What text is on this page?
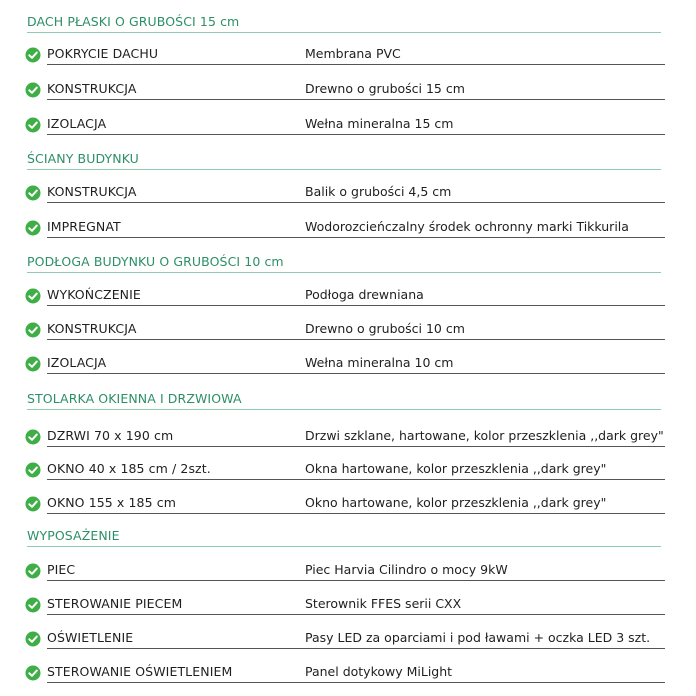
DACH PŁASKI O GRUBOŚCI 15 cm
POKRYCIE DACHU	Membrana PVC
KONSTRUKCJA	Drewno o grubości 15 cm
IZOLACJA	Wełna mineralna 15 cm
ŚCIANY BUDYNKU
KONSTRUKCJA	Balik o grubości 4,5 cm
IMPREGNAT	Wodorozcieńczalny środek ochronny marki Tikkurila
PODŁOGA BUDYNKU O GRUBOŚCI 10 cm
WYKOŃCZENIE	Podłoga drewniana
KONSTRUKCJA	Drewno o grubości 10 cm
IZOLACJA	Wełna mineralna 10 cm
STOLARKA OKIENNA I DRZWIOWA
DZRWI 70 x 190 cm	Drzwi szklane, hartowane, kolor przeszklenia ,,dark grey"
OKNO 40 x 185 cm / 2szt.	Okna hartowane, kolor przeszklenia ,,dark grey"
OKNO 155 x 185 cm	Okno hartowane, kolor przeszklenia ,,dark grey"
WYPOSAŻENIE
PIEC	Piec Harvia Cilindro o mocy 9kW
STEROWANIE PIECEM	Sterownik FFES serii CXX
OŚWIETLENIE	Pasy LED za oparciami i pod ławami + oczka LED 3 szt.
STEROWANIE OŚWIETLENIEM	Panel dotykowy MiLight
